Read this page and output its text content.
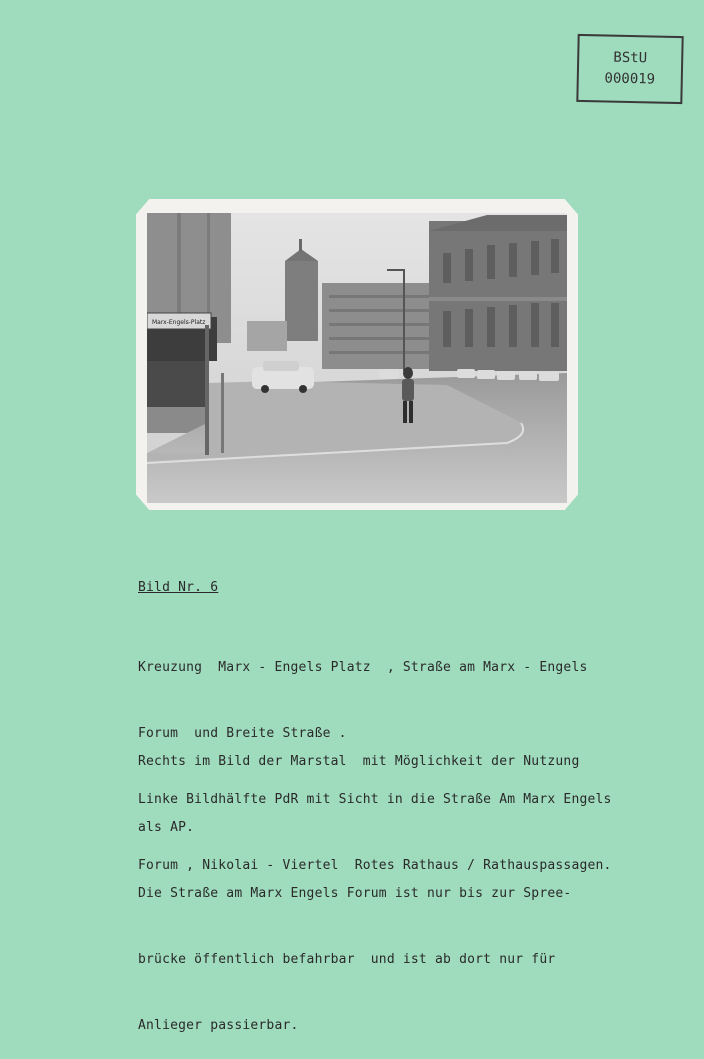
BStU
000019
Marx-Engels-Platz
Bild Nr. 6

Kreuzung  Marx - Engels Platz  , Straße am Marx - Engels

Forum  und Breite Straße .

Linke Bildhälfte PdR mit Sicht in die Straße Am Marx Engels

Forum , Nikolai - Viertel  Rotes Rathaus / Rathauspassagen.

Rechts im Bild der Marstal  mit Möglichkeit der Nutzung

als AP.

Die Straße am Marx Engels Forum ist nur bis zur Spree-

brücke öffentlich befahrbar  und ist ab dort nur für

Anlieger passierbar.
